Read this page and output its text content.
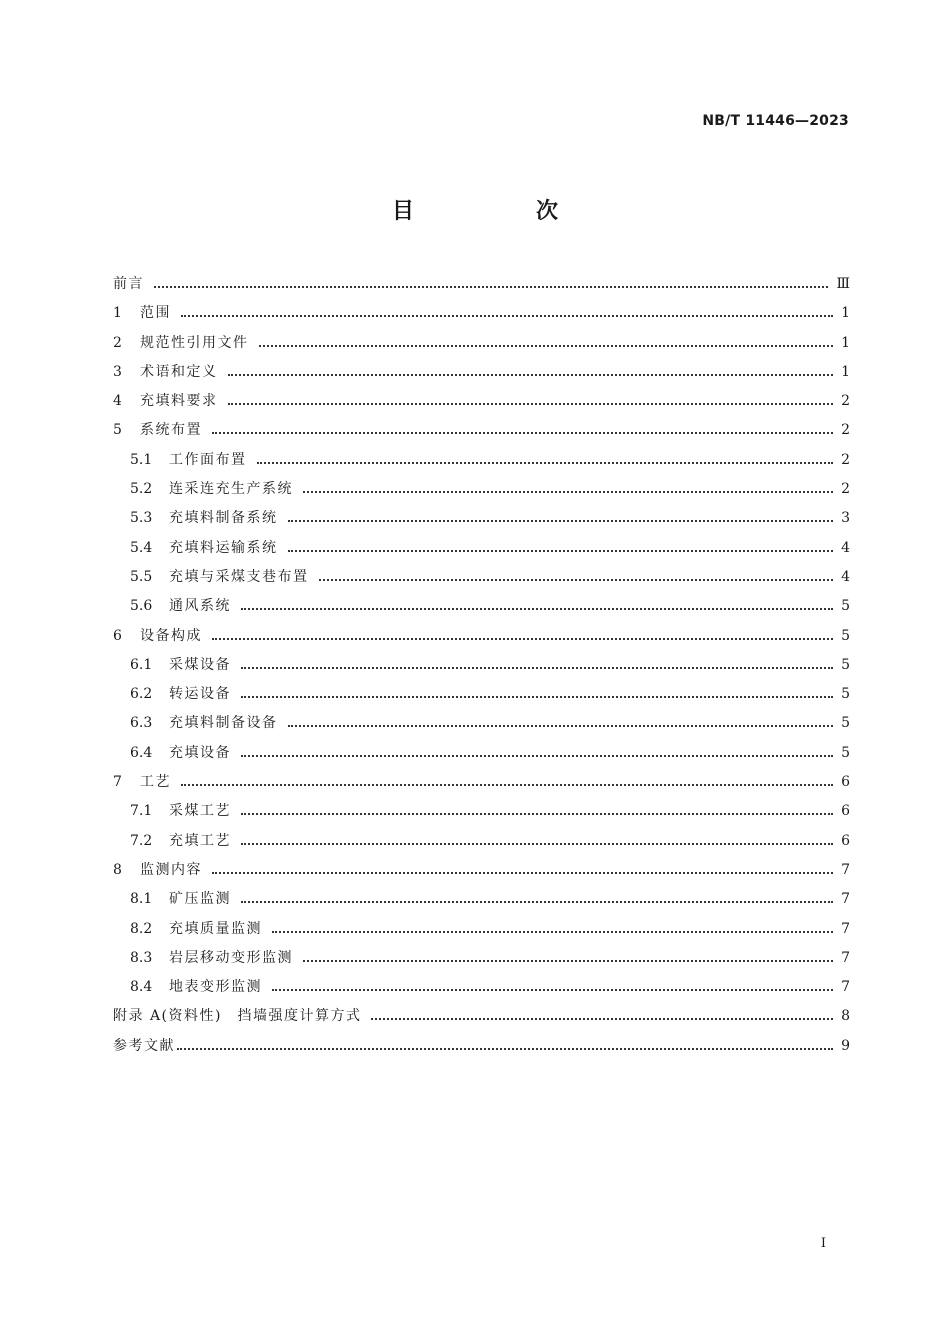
NB/T 11446—2023
目　次
前言	Ⅲ
1	范围	1
2	规范性引用文件	1
3	术语和定义	1
4	充填料要求	2
5	系统布置	2
5.1	工作面布置	2
5.2	连采连充生产系统	2
5.3	充填料制备系统	3
5.4	充填料运输系统	4
5.5	充填与采煤支巷布置	4
5.6	通风系统	5
6	设备构成	5
6.1	采煤设备	5
6.2	转运设备	5
6.3	充填料制备设备	5
6.4	充填设备	5
7	工艺	6
7.1	采煤工艺	6
7.2	充填工艺	6
8	监测内容	7
8.1	矿压监测	7
8.2	充填质量监测	7
8.3	岩层移动变形监测	7
8.4	地表变形监测	7
附录 A(资料性)　挡墙强度计算方式	8
参考文献	9
Ⅰ
